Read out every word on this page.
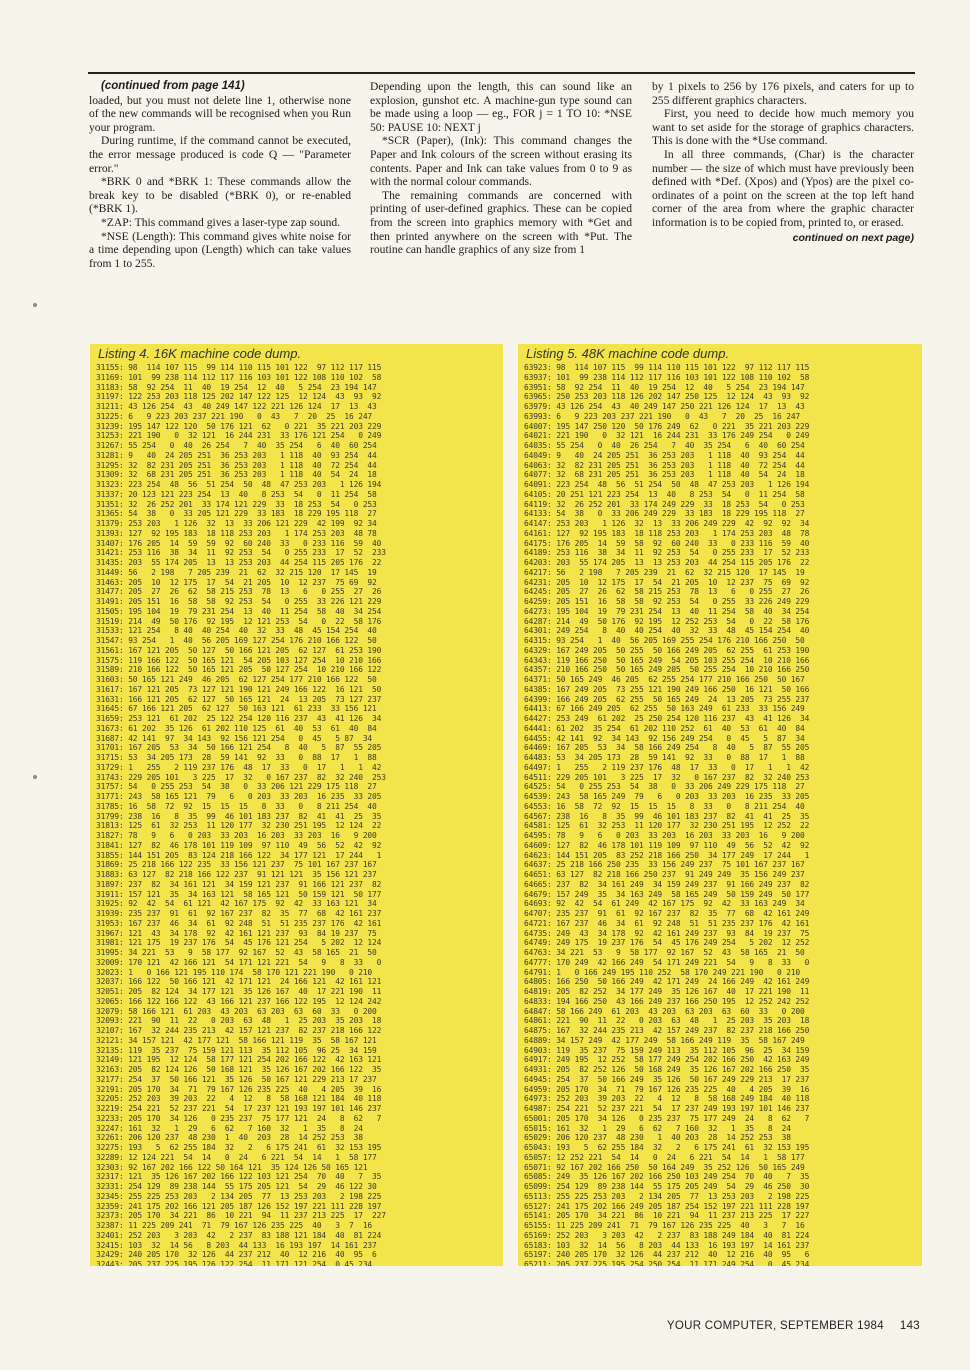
(continued from page 141)

loaded, but you must not delete line 1, otherwise none of the new commands will be recognised when you Run your program.

During runtime, if the command cannot be executed, the error message produced is code Q — "Parameter error."

*BRK 0 and *BRK 1: These commands allow the break key to be disabled (*BRK 0), or re-enabled (*BRK 1).

*ZAP: This command gives a laser-type zap sound.

*NSE (Length): This command gives white noise for a time depending upon (Length) which can take values from 1 to 255.

Depending upon the length, this can sound like an explosion, gunshot etc. A machine-gun type sound can be made using a loop — eg., FOR j = 1 TO 10: *NSE 50: PAUSE 10: NEXT j

*SCR (Paper), (Ink): This command changes the Paper and Ink colours of the screen without erasing its contents. Paper and Ink can take values from 0 to 9 as with the normal colour commands.

The remaining commands are concerned with printing of user-defined graphics. These can be copied from the screen into graphics memory with *Get and then printed anywhere on the screen with *Put. The routine can handle graphics of any size from 1

by 1 pixels to 256 by 176 pixels, and caters for up to 255 different graphics characters.

First, you need to decide how much memory you want to set aside for the storage of graphics characters. This is done with the *Use command.

In all three commands, (Char) is the character number — the size of which must have previously been defined with *Def. (Xpos) and (Ypos) are the pixel co-ordinates of a point on the screen at the top left hand corner of the area from where the graphic character information is to be copied from, printed to, or erased.

continued on next page)
Listing 4. 16K machine code dump.
31155: 98  114 107 115  99 114 110 115 101 122  97 112 117 115
31169: 101  99 238 114 112 117 116 103 101 122 108 110 102  58
31183: 58  92 254  11  40  19 254  12  40   5 254  23 194 147
31197: 122 253 203 118 125 202 147 122 125  12 124  43  93  92
31211: 43 126 254  43  40 249 147 122 221 126 124  17  13  43
31225: 6   9 223 203 237 221 190   0  43   7  20  25  16 247
31239: 195 147 122 120  50 176 121  62   0 221  35 221 203 229
31253: 221 190   0  32 121  16 244 231  33 176 121 254   0 249
31267: 55 254   0  40  26 254   7  40  35 254   6  40  60 254
31281: 9   40  24 205 251  36 253 203   1 118  40  93 254  44
31295: 32  82 231 205 251  36 253 203   1 118  40  72 254  44
31309: 32  68 231 205 251  36 253 203   1 118  40  54  24  18
31323: 223 254  48  56  51 254  50  48  47 253 203   1 126 194
31337: 20 123 121 223 254  13  40   8 253  54   0  11 254  58
31351: 32  26 252 201  33 174 121 229  33  18 253  54   0 253
31365: 54  38   0  33 205 121 229  33 183  18 229 195 118  27
31379: 253 203   1 126  32  13  33 206 121 229  42 199  92 34
31393: 127  92 195 183  18 118 253 203   1 174 253 203  48 78
31407: 176 205  14  59  59  92  60 240  33   0 233 116  59  40
31421: 253 116  38  34  11  92 253  54   0 255 233  17  52  233
31435: 203  55 174 205  13  13 253 203  44 254 115 205 176  22
31449: 56   2 198   7 205 239  21  62  32 215 120  17 145  19
31463: 205  10  12 175  17  54  21 205  10  12 237  75 69  92
31477: 205  27  26  62  58 215 253  78  13   6   0 255  27  26
31491: 205 151  16  58  58  92 253  54   0 255  33 226 121 229
31505: 195 104  19  79 231 254  13  40  11 254  58  40  34 254
31519: 214  49  50 176  92 195  12 121 253  54   0  22  58 176
31533: 121 254   8 40  40 254  40  32  33  48  45 154 254  40
31547: 93 254   1  40  56 205 169 127 254 176 210 166 122  50
31561: 167 121 205  50 127  50 166 121 205  62 127  61 253 190
31575: 119 166 122  50 165 121  54 205 103 127 254  10 210 166
31589: 210 166 122  50 165 121 205  50 127 254  10 210 166 122
31603: 50 165 121 249  46 205  62 127 254 177 210 166 122  50
31617: 167 121 205  73 127 121 190 121 249 166 122  16 121  50
31631: 166 121 205  62 127  50 165 121  24  13 205  73 127 237
31645: 67 166 121 205  62 127  50 163 121  61 233  33 156 121
31659: 253 121  61 202  25 122 254 120 116 237  43  41 126  34
31673: 61 202  35 126  61 202 110 125  61  40  53  61  40  84
31687: 42 141  97  34 143  92 156 121 254   0  45   5 87  34
31701: 167 205  53  34  50 166 121 254   8  40   5  87  55 205
31715: 53  34 205 173  28  59 141  92  33   0  88  17   1  88
31729: 1   255   2 119 237 176  48  17  33   0  17   1   1  42
31743: 229 205 101   3 225  17  32   0 167 237  82  32 240  253
31757: 54   0 255 253  54  38   0  33 206 121 229 175 118  27
31771: 243  58 165 121  79   6   0 203  33 203  16 235  33 205
31785: 16  58  72  92  15  15  15   8  33   0   8 211 254  40
31799: 238  16   8  35  99  46 101 183 237  82  41  41  25  35
31813: 125  61  32 253  11 120 177  32 230 251 195  12 124  22
31827: 78   9   6   0 203  33 203  16 203  33 203  16   9 200
31841: 127  82  46 178 101 119 109  97 110  49  56  52  42  92
31855: 144 151 205  83 124 218 166 122  34 177 121  17 244   1
31869: 25 218 166 122 235  33 156 121 237  75 101 167 237 167
31883: 63 127  82 218 166 122 237  91 121 121  35 156 121 237
31897: 237  82  34 161 121  34 159 121 237  91 166 121 237  82
31911: 157 121  35  34 163 121  58 165 121  50 159 121  50 177
31925: 92  42  54  61 121  42 167 175  92  42  33 163 121  34
31939: 235 237  91  61  92 167 237  82  35  77  68  42 161 237
31953: 167 237  46  34  61  92 248  51  51 235 237 176  42 161
31967: 121  43  34 178  92  42 161 121 237  93  84 19 237  75
31981: 121 175  19 237 176  54  45 176 121 254   5 202  12 124
31995: 34 221  53   9  58 177  92 167  52  43  58 165  21  50
32009: 170 121  42 166 121  54 171 121 221  54   9   8  33   0
32023: 1   0 166 121 195 110 174  58 170 121 221 190   0 210
32037: 166 122  50 166 121  42 171 121  24 166 121  42 161 121
32051: 205  82 124  34 177 121  35 126 167  40  17 221 190  11
32065: 166 122 166 122  43 166 121 237 166 122 195  12 124 242
32079: 58 166 121  61 203  43 203  63 203  63  60  33   0 200
32093: 221  90  11  22   0 203  63  48   1  25 203  35 203  18
32107: 167  32 244 235 213  42 157 121 237  82 237 218 166 122
32121: 34 157 121  42 177 121  58 166 121 119  35  58 167 121
32135: 119  35 237  75 159 121 113  35 112 105  96 25  34 159
32149: 121 195  12 124  58 177 121 254 202 166 122  42 163 121
32163: 205  82 124 126  50 168 121  35 126 167 202 166 122  35
32177: 254  37  50 166 121  35 126  50 167 121 229 213 17 237
32191: 205 170  34  71  79 167 126 235 225  40   4 205  39  16
32205: 252 203  39 203  22   4  12   8  58 168 121 184  40 118
32219: 254 221  52 237 221  54  17 237 121 193 197 101 146 237
32233: 205 170  34 126   0 235 237  75 177 121  24   8  62   7
32247: 161  32   1  29   6  62   7 160  32   1  35   8  24
32261: 206 120 237  48 230  1  40  203  28  14 252 253  38
32275: 193   5  62 255 184  32   2   6 175 241  61  32 153 195
32289: 12 124 221  54  14   0  24   6 221  54  14   1  58 177
32303: 92 167 202 166 122 50 164 121  35 124 126 50 165 121
32317: 121  35 126 167 202 166 122 103 121 254  70  40   7  35
32331: 254 129  89 238 144  55 175 205 121  54  29  46 122 30
32345: 255 225 253 203   2 134 205  77  13 253 203   2 198 225
32359: 241 175 202 166 121 205 187 126 152 197 221 111 228 197
32373: 205 170  34 221  86  10 221  94  11 237 213 225  17  227
32387: 11 225 209 241  71  79 167 126 235 225  40   3  7  16
32401: 252 203   3 203  42   2 237  83 188 121 184  40  81 224
32415: 103  32  14 56   8 203  44 133  16 193 197  14 161 237
32429: 240 205 170  32 126  44 237 212  40  12 216  40  95  6
32443: 205 237 225 195 126 122 254  11 171 121 254  0 45 234
Listing 5. 48K machine code dump.
63923: 98  114 107 115  99 114 110 115 101 122  97 112 117 115
63937: 101  99 238 114 112 117 116 103 101 122 108 110 102  58
63951: 58  92 254  11  40  19 254  12  40   5 254  23 194 147
63965: 250 253 203 118 126 202 147 250 125  12 124  43  93  92
63979: 43 126 254  43  40 249 147 250 221 126 124  17  13  43
63993: 6   9 223 203 237 221 190   0  43   7  20  25  16 247
64007: 195 147 250 120  50 176 249  62   0 221  35 221 203 229
64021: 221 190   0  32 121  16 244 231  33 176 249 254   0 249
64035: 55 254   0  40  26 254   7  40  35 254   6  40  60 254
64049: 9   40  24 205 251  36 253 203   1 118  40  93 254  44
64063: 32  82 231 205 251  36 253 203   1 118  40  72 254  44
64077: 32  68 231 205 251  36 253 203   1 118  40  54  24  18
64091: 223 254  48  56  51 254  50  48  47 253 203   1 126 194
64105: 20 251 121 223 254  13  40   8 253  54   0  11 254  58
64119: 32  26 252 201  33 174 249 229  33  18 253  54   0 253
64133: 54  38   0  33 206 249 229  33 183  18 229 195 118  27
64147: 253 203   1 126  32  13  33 206 249 229  42  92  92  34
64161: 127  92 195 183  18 118 253 203   1 174 253 203  48  78
64175: 176 205  14  59  58  92  60 240  33   0 233 116  59  40
64189: 253 116  38  34  11  92 253  54   0 255 233  17  52 233
64203: 203  55 174 205  13  13 253 203  44 254 115 205 176  22
64217: 56   2 198   7 205 239  21  62  32 215 120  17 145  19
64231: 205  10  12 175  17  54  21 205  10  12 237  75  69  92
64245: 205  27  26  62  58 215 253  78  13   6   0 255  27  26
64259: 205 151  16  58  58  92 253  54   0 255  33 226 249 229
64273: 195 104  19  79 231 254  13  40  11 254  58  40  34 254
64287: 214  49  50 176  92 195  12 252 253  54   0  22  58 176
64301: 249 254   8  40  40 254  40  32  33  48  45 154 254  40
64315: 93 254   1  40  56 205 169 255 254 176 210 166 250  50
64329: 167 249 205  50 255  50 166 249 205  62 255  61 253 190
64343: 119 166 250  50 165 249  54 205 103 255 254  10 210 166
64357: 210 166 250  50 165 249 205  50 255 254  10 210 166 250
64371: 50 165 249  46 205  62 255 254 177 210 166 250  50 167
64385: 167 249 205  73 255 121 190 249 166 250  16 121  50 166
64399: 166 249 205  62 255  50 165 249  24  13 205  73 255 237
64413: 67 166 249 205  62 255  50 163 249  61 233  33 156 249
64427: 253 249  61 202  25 250 254 120 116 237  43  41 126  34
64441: 61 202  35 254  61 202 110 252  61  40  53  61  40  84
64455: 42 141  92  34 143  92 156 249 254   0  45   5  87  34
64469: 167 205  53  34  58 166 249 254   8  40   5  87  55 205
64483: 53  34 205 173  28  59 141  92  33   0  88  17   1  88
64497: 1   255   2 119 237 176  48  17  33   0  17   1   1  42
64511: 229 205 101   3 225  17  32   0 167 237  82  32 240 253
64525: 54   0 255 253  54  38   0  33 206 249 229 175 118  27
64539: 243  58 165 249  79   6   0 203  33 203  16 235  33 205
64553: 16  58  72  92  15  15  15   8  33   0   8 211 254  40
64567: 238  16   8  35  99  46 101 183 237  82  41  41  25  35
64581: 125  61  32 253  11 120 177  32 230 251 195  12 252  22
64595: 78   9   6   0 203  33 203  16 203  33 203  16   9 200
64609: 127  82  46 178 101 119 109  97 110  49  56  52  42  92
64623: 144 151 205  83 252 218 166 250  34 177 249  17 244   1
64637: 25 218 166 250 235  33 156 249 237  75 101 167 237 167
64651: 63 127  82 218 166 250 237  91 249 249  35 156 249 237
64665: 237  82  34 161 249  34 159 249 237  91 166 249 237  82
64679: 157 249  35  34 163 249  58 165 249  50 159 249  50 177
64693: 92  42  54  61 249  42 167 175  92  42  33 163 249  34
64707: 235 237  91  61  92 167 237  82  35  77  68  42 161 249
64721: 167 237  46  34  61  92 248  51  51 235 237 176  42 161
64735: 249  43  34 178  92  42 161 249 237  93  84  19 237  75
64749: 249 175  19 237 176  54  45 176 249 254   5 202  12 252
64763: 34 221  53   9  58 177  92 167  52  43  58 165  21  50
64777: 170 249  42 166 249  54 171 249 221  54   9   8  33   0
64791: 1   0 166 249 195 110 252  58 170 249 221 190   0 210
64805: 166 250  50 166 249  42 171 249  24 166 249  42 161 249
64819: 205  82 252  34 177 249  35 126 167  40  17 221 190  11
64833: 194 166 250  43 166 249 237 166 250 195  12 252 242 252
64847: 58 166 249  61 203  43 203  63 203  63  60  33   0 200
64861: 221  90  11  22   0 203  63  48   1  25 203  35 203  18
64875: 167  32 244 235 213  42 157 249 237  82 237 218 166 250
64889: 34 157 249  42 177 249  58 166 249 119  35  58 167 249
64903: 119  35 237  75 159 249 113  35 112 105  96  25  34 159
64917: 249 195  12 252  58 177 249 254 202 166 250  42 163 249
64931: 205  82 252 126  50 168 249  35 126 167 202 166 250  35
64945: 254  37  50 166 249  35 126  50 167 249 229 213  17 237
64959: 205 170  34  71  79 167 126 235 225  40   4 205  39  16
64973: 252 203  39 203  22   4  12   8  58 168 249 184  40 118
64987: 254 221  52 237 221  54  17 237 249 193 197 101 146 237
65001: 205 170  34 126   0 235 237  75 177 249  24   8  62   7
65015: 161  32   1  29   6  62   7 160  32   1  35   8  24
65029: 206 120 237  48 230   1  40 203  28  14 252 253  38
65043: 193   5  62 255 184  32   2   6 175 241  61  32 153 195
65057: 12 252 221  54  14   0  24   6 221  54  14   1  58 177
65071: 92 167 202 166 250  50 164 249  35 252 126  50 165 249
65085: 249  35 126 167 202 166 250 103 249 254  70  40   7  35
65099: 254 129  89 238 144  55 175 205 249  54  29  46 250  30
65113: 255 225 253 203   2 134 205  77  13 253 203   2 198 225
65127: 241 175 202 166 249 205 187 254 152 197 221 111 228 197
65141: 205 170  34 221  86  10 221  94  11 237 213 225  17 227
65155: 11 225 209 241  71  79 167 126 235 225  40   3   7  16
65169: 252 203   3 203  42   2 237  83 188 249 184  40  81 224
65183: 103  32  14  56   8 203  44 133  16 193 197  14 161 237
65197: 240 205 170  32 126  44 237 212  40  12 216  40  95   6
65211: 205 237 225 195 254 250 254  11 171 249 254   0  45 234
YOUR COMPUTER, SEPTEMBER 1984 143
